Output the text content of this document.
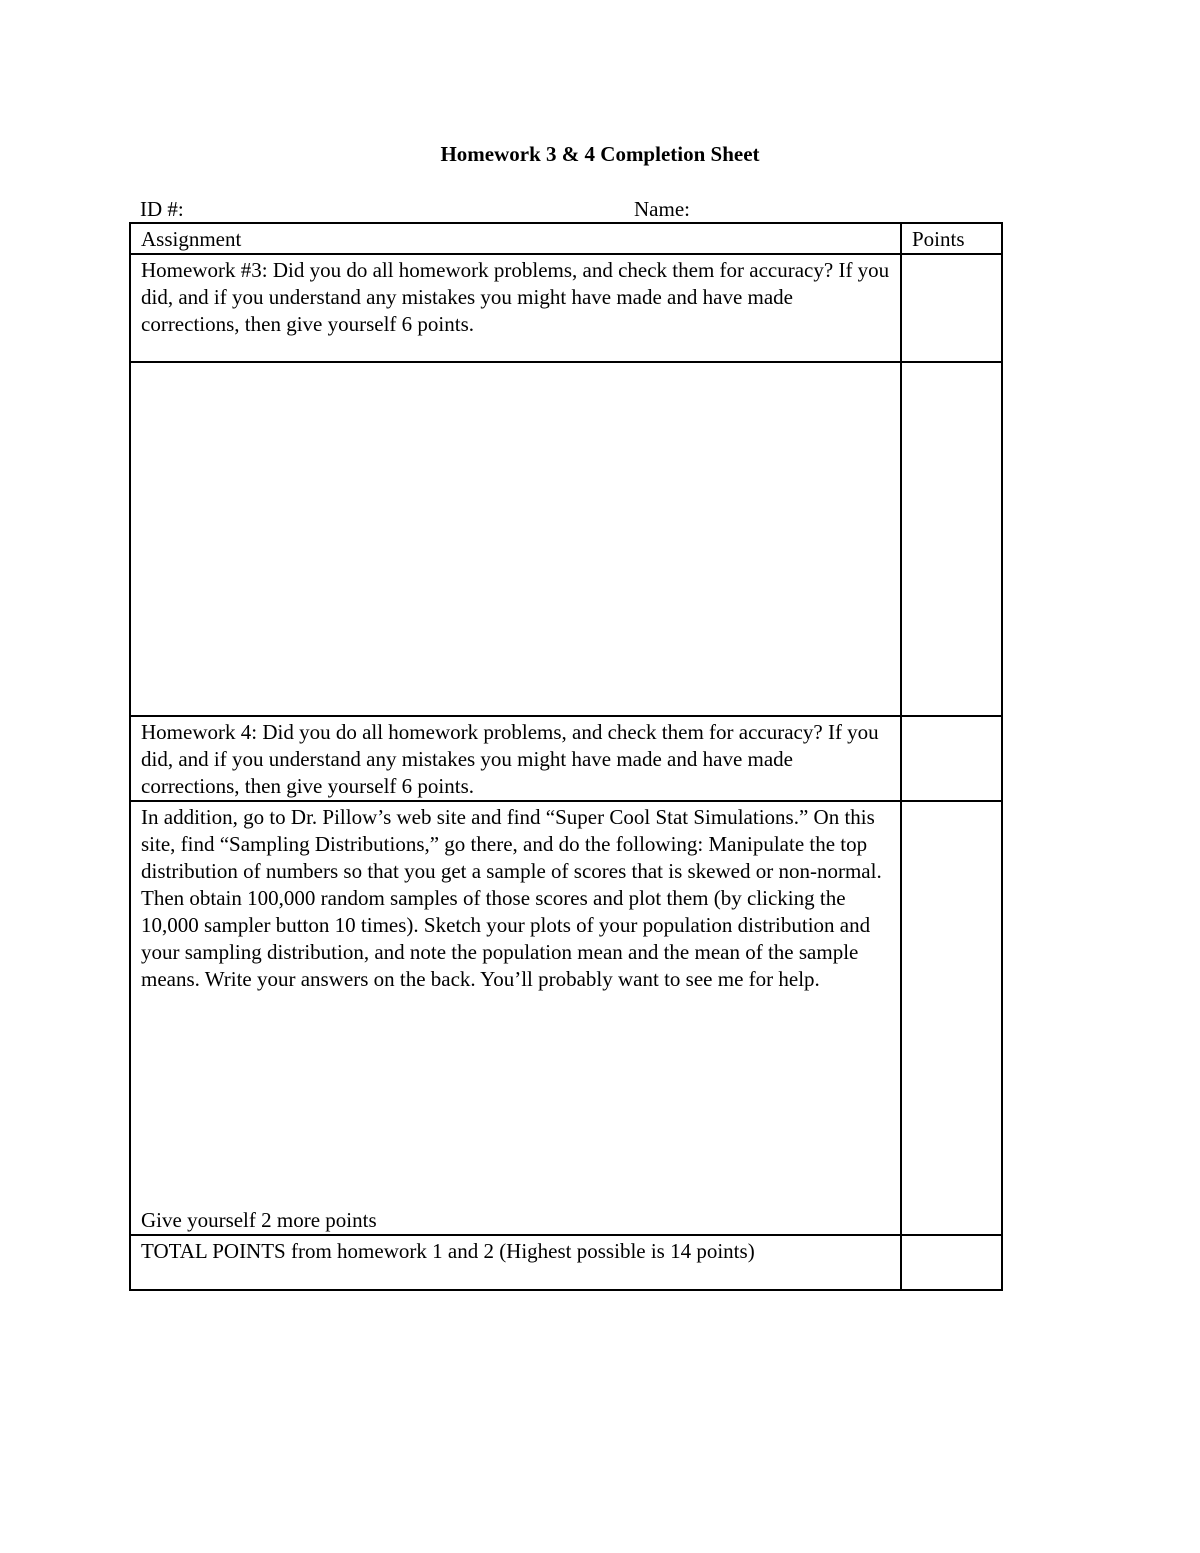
Homework 3 & 4 Completion Sheet
ID #:	Name:
Assignment	Points
Homework #3: Did you do all homework problems, and check them for accuracy? If you did, and if you understand any mistakes you might have made and have made corrections, then give yourself 6 points.	

Homework 4: Did you do all homework problems, and check them for accuracy? If you did, and if you understand any mistakes you might have made and have made corrections, then give yourself 6 points.	

In addition, go to Dr. Pillow’s web site and find “Super Cool Stat Simulations.” On this site, find “Sampling Distributions,” go there, and do the following: Manipulate the top distribution of numbers so that you get a sample of scores that is skewed or non-normal. Then obtain 100,000 random samples of those scores and plot them (by clicking the 10,000 sampler button 10 times). Sketch your plots of your population distribution and your sampling distribution, and note the population mean and the mean of the sample means. Write your answers on the back. You’ll probably want to see me for help.
Give yourself 2 more points	

TOTAL POINTS from homework 1 and 2 (Highest possible is 14 points)	
